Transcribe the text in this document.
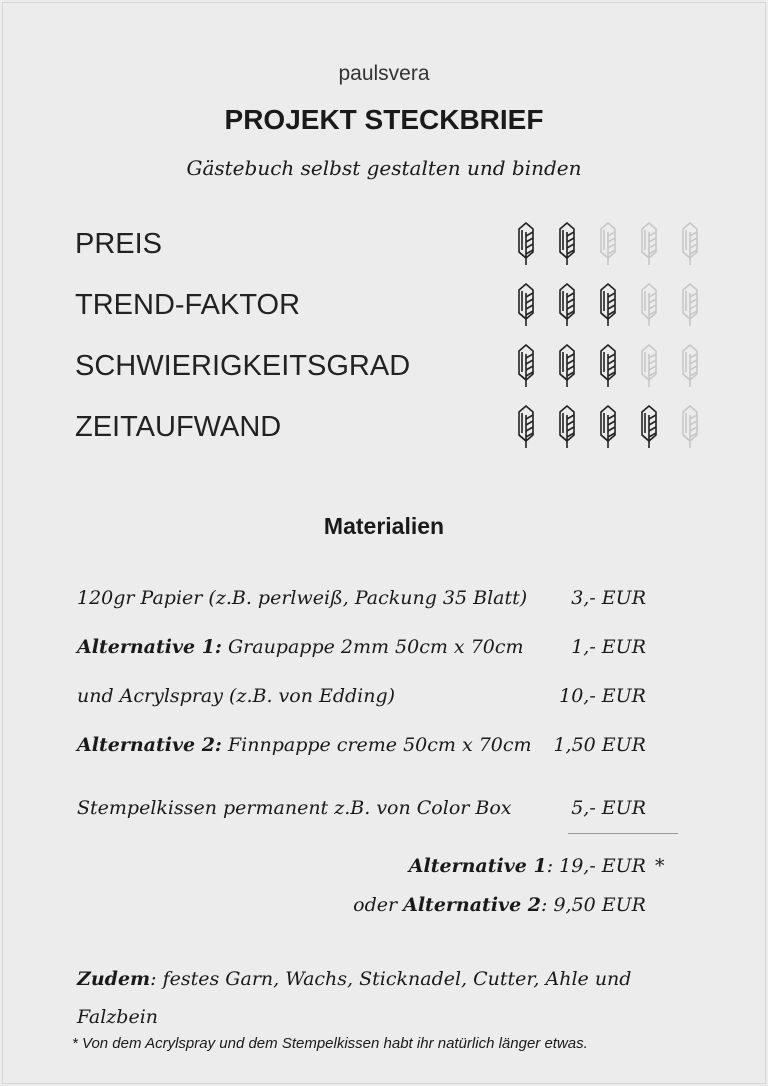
paulsvera
PROJEKT STECKBRIEF
Gästebuch selbst gestalten und binden
PREIS
TREND-FAKTOR
SCHWIERIGKEITSGRAD
ZEITAUFWAND
Materialien
120gr Papier (z.B. perlweiß, Packung 35 Blatt) 3,- EUR
Alternative 1: Graupappe 2mm 50cm x 70cm	1,- EUR
und Acrylspray (z.B. von Edding)	10,- EUR
Alternative 2: Finnpappe creme 50cm x 70cm 1,50 EUR
Stempelkissen permanent z.B. von Color Box	5,- EUR
Alternative 1: 19,- EUR *
oder Alternative 2: 9,50 EUR
Zudem: festes Garn, Wachs, Sticknadel, Cutter, Ahle und Falzbein
* Von dem Acrylspray und dem Stempelkissen habt ihr natürlich länger etwas.
